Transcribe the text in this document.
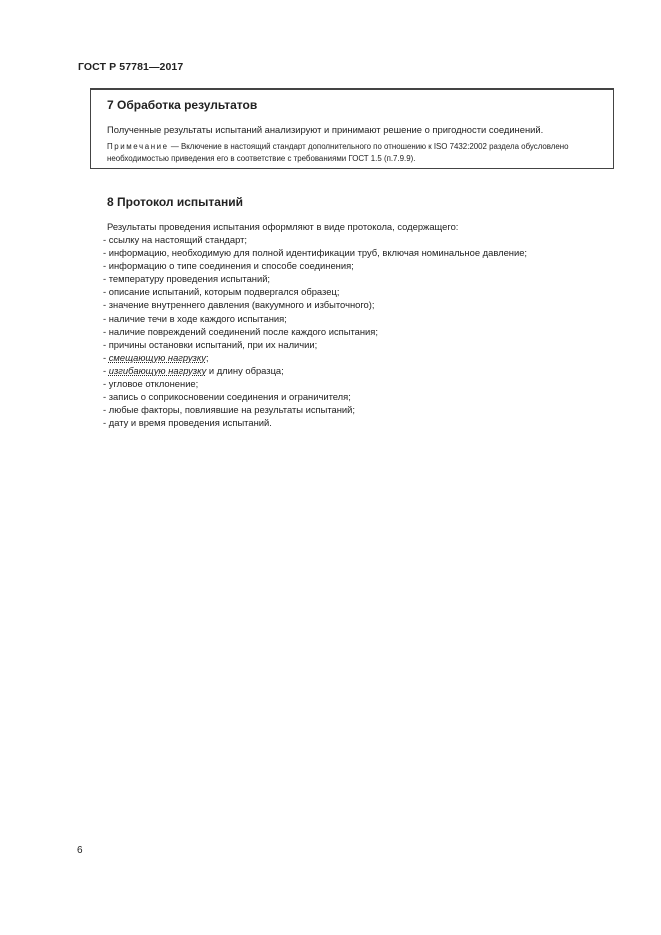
ГОСТ Р 57781—2017
7 Обработка результатов
Полученные результаты испытаний анализируют и принимают решение о пригодности соединений.
Примечание — Включение в настоящий стандарт дополнительного по отношению к ISO 7432:2002 раздела обусловлено необходимостью приведения его в соответствие с требованиями ГОСТ 1.5 (п.7.9.9).
8 Протокол испытаний
Результаты проведения испытания оформляют в виде протокола, содержащего:
- ссылку на настоящий стандарт;
- информацию, необходимую для полной идентификации труб, включая номинальное давление;
- информацию о типе соединения и способе соединения;
- температуру проведения испытаний;
- описание испытаний, которым подвергался образец;
- значение внутреннего давления (вакуумного и избыточного);
- наличие течи в ходе каждого испытания;
- наличие повреждений соединений после каждого испытания;
- причины остановки испытаний, при их наличии;
- смещающую нагрузку;
- изгибающую нагрузку и длину образца;
- угловое отклонение;
- запись о соприкосновении соединения и ограничителя;
- любые факторы, повлиявшие на результаты испытаний;
- дату и время проведения испытаний.
6
